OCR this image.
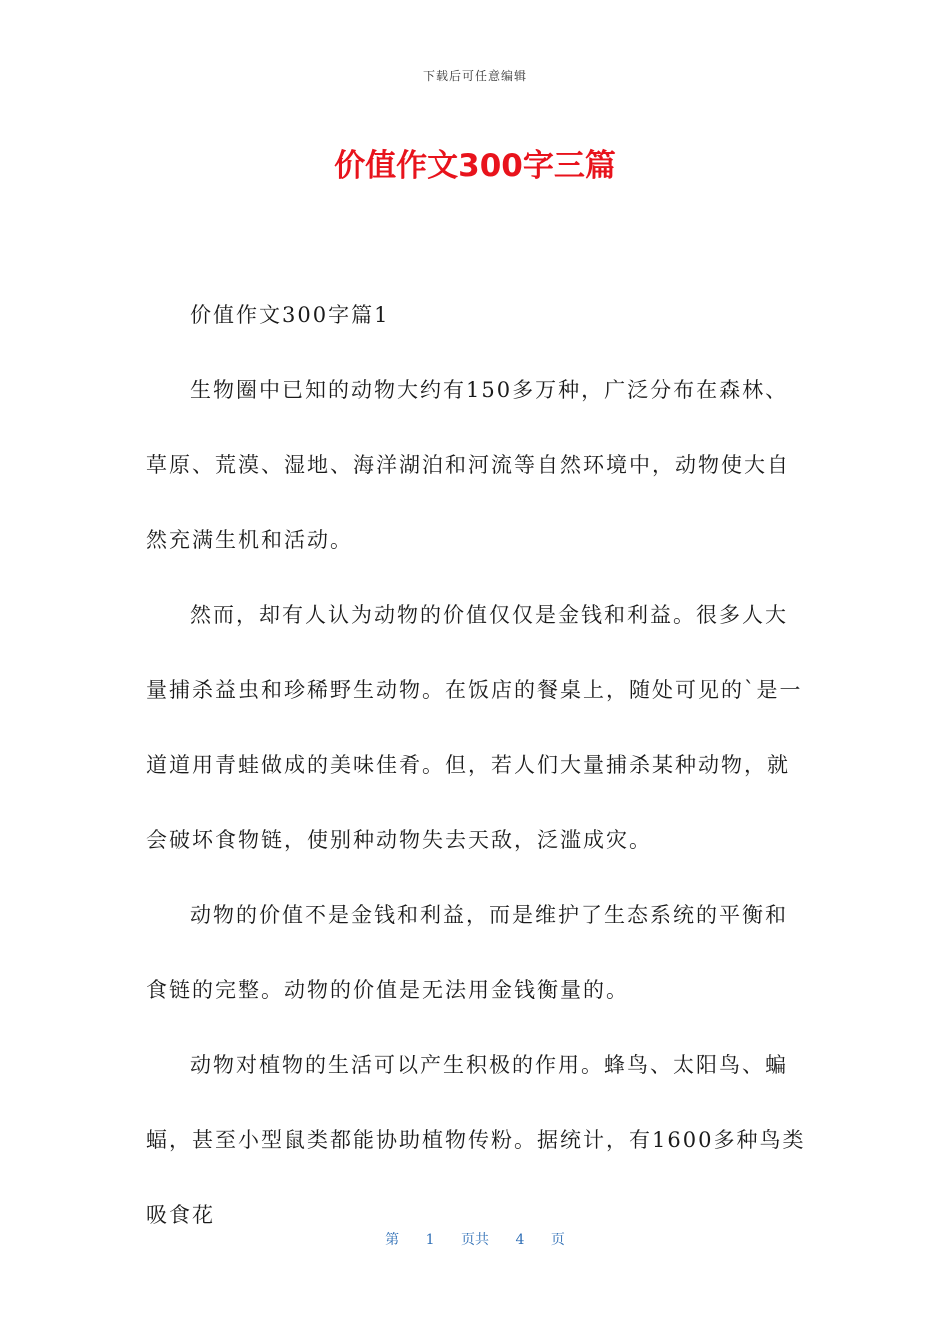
下载后可任意编辑
价值作文300字三篇

价值作文300字篇1

生物圈中已知的动物大约有150多万种，广泛分布在森林、草原、荒漠、湿地、海洋湖泊和河流等自然环境中，动物使大自然充满生机和活动。

然而，却有人认为动物的价值仅仅是金钱和利益。很多人大量捕杀益虫和珍稀野生动物。在饭店的餐桌上，随处可见的`是一道道用青蛙做成的美味佳肴。但，若人们大量捕杀某种动物，就会破坏食物链，使别种动物失去天敌，泛滥成灾。

动物的价值不是金钱和利益，而是维护了生态系统的平衡和食链的完整。动物的价值是无法用金钱衡量的。

动物对植物的生活可以产生积极的作用。蜂鸟、太阳鸟、蝙蝠，甚至小型鼠类都能协助植物传粉。据统计，有1600多种鸟类吸食花

第 1 页共 4 页
